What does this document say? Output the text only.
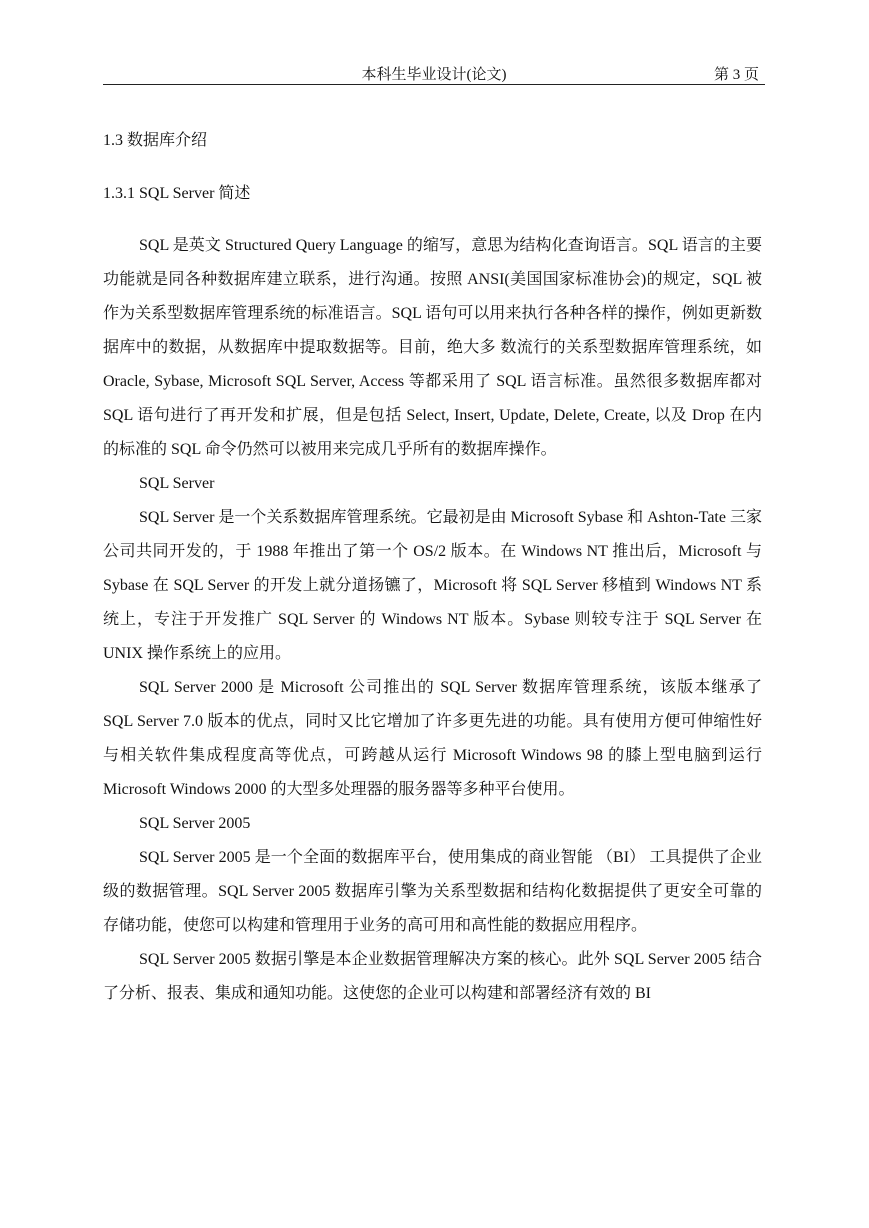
本科生毕业设计(论文)	第 3 页
1.3 数据库介绍
1.3.1 SQL Server 简述

SQL 是英文 Structured Query Language 的缩写，意思为结构化查询语言。SQL 语言的主要功能就是同各种数据库建立联系，进行沟通。按照 ANSI(美国国家标准协会)的规定，SQL 被作为关系型数据库管理系统的标准语言。SQL 语句可以用来执行各种各样的操作，例如更新数据库中的数据，从数据库中提取数据等。目前，绝大多 数流行的关系型数据库管理系统，如 Oracle, Sybase, Microsoft SQL Server, Access 等都采用了 SQL 语言标准。虽然很多数据库都对 SQL 语句进行了再开发和扩展，但是包括 Select, Insert, Update, Delete, Create, 以及 Drop 在内的标准的 SQL 命令仍然可以被用来完成几乎所有的数据库操作。

SQL Server

SQL Server 是一个关系数据库管理系统。它最初是由 Microsoft Sybase 和 Ashton-Tate 三家公司共同开发的，于 1988 年推出了第一个 OS/2 版本。在 Windows NT 推出后，Microsoft 与 Sybase 在 SQL Server 的开发上就分道扬镳了，Microsoft 将 SQL Server 移植到 Windows NT 系统上，专注于开发推广 SQL Server 的 Windows NT 版本。Sybase 则较专注于 SQL Server 在 UNIX 操作系统上的应用。

SQL Server 2000 是 Microsoft 公司推出的 SQL Server 数据库管理系统，该版本继承了 SQL Server 7.0 版本的优点，同时又比它增加了许多更先进的功能。具有使用方便可伸缩性好与相关软件集成程度高等优点，可跨越从运行 Microsoft Windows 98 的膝上型电脑到运行 Microsoft Windows 2000 的大型多处理器的服务器等多种平台使用。

SQL Server 2005

SQL Server 2005 是一个全面的数据库平台，使用集成的商业智能 （BI） 工具提供了企业级的数据管理。SQL Server 2005 数据库引擎为关系型数据和结构化数据提供了更安全可靠的存储功能，使您可以构建和管理用于业务的高可用和高性能的数据应用程序。

SQL Server 2005 数据引擎是本企业数据管理解决方案的核心。此外 SQL Server 2005 结合了分析、报表、集成和通知功能。这使您的企业可以构建和部署经济有效的 BI
